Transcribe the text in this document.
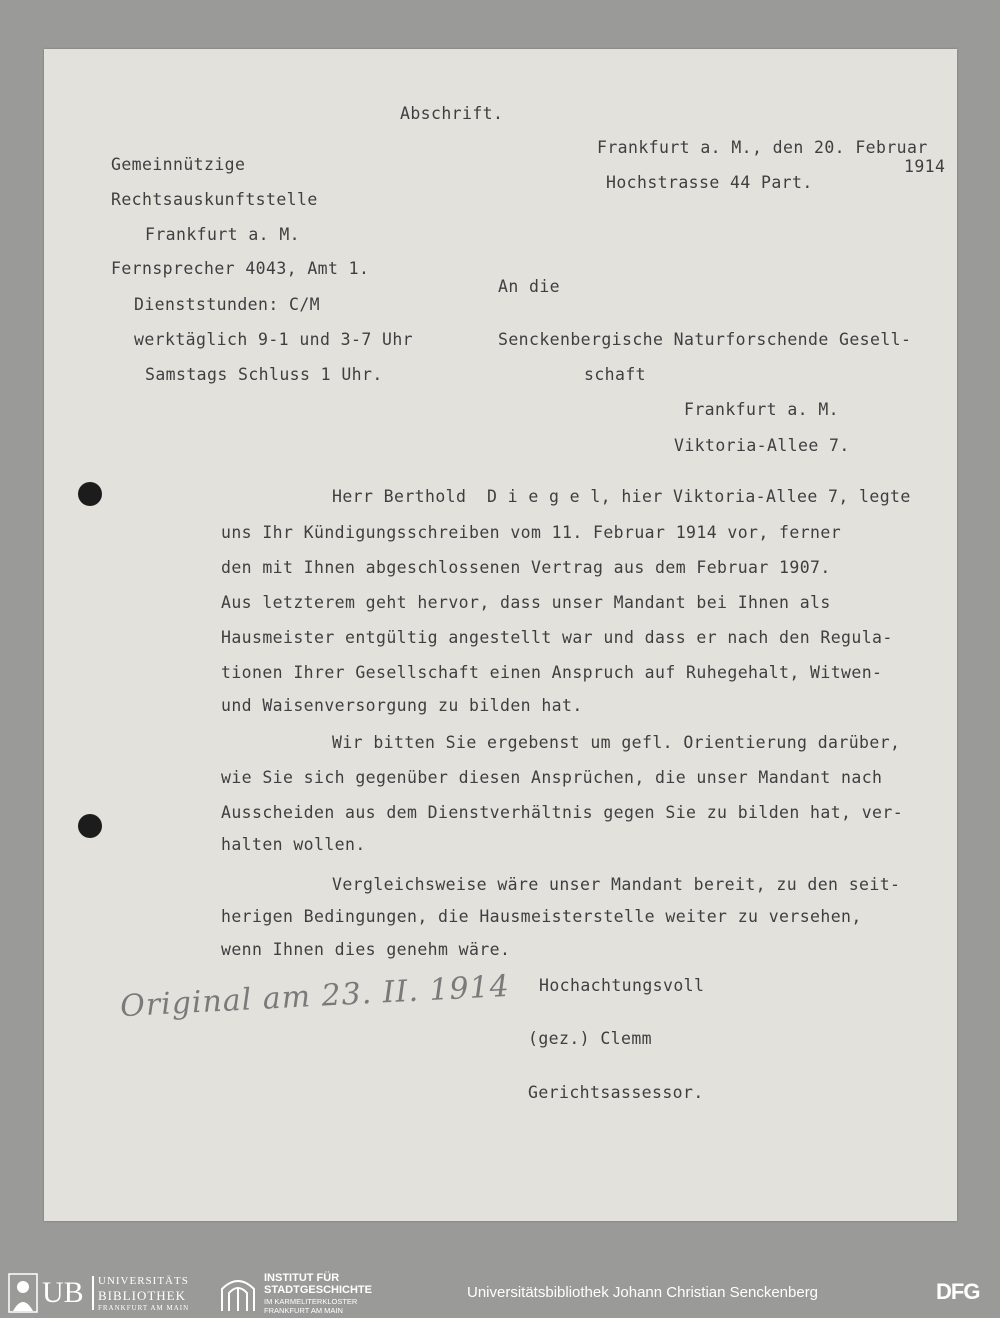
Abschrift.
Frankfurt a. M., den 20. Februar
1914
Hochstrasse 44 Part.
Gemeinnützige
Rechtsauskunftstelle
Frankfurt a. M.
Fernsprecher 4043, Amt 1.
Dienststunden: C/M
werktäglich 9-1 und 3-7 Uhr
Samstags Schluss 1 Uhr.
An die
Senckenbergische Naturforschende Gesell-
schaft
Frankfurt a. M.
Viktoria-Allee 7.
Herr Berthold  D i e g e l, hier Viktoria-Allee 7, legte
uns Ihr Kündigungsschreiben vom 11. Februar 1914 vor, ferner
den mit Ihnen abgeschlossenen Vertrag aus dem Februar 1907.
Aus letzterem geht hervor, dass unser Mandant bei Ihnen als
Hausmeister entgültig angestellt war und dass er nach den Regula-
tionen Ihrer Gesellschaft einen Anspruch auf Ruhegehalt, Witwen-
und Waisenversorgung zu bilden hat.
Wir bitten Sie ergebenst um gefl. Orientierung darüber,
wie Sie sich gegenüber diesen Ansprüchen, die unser Mandant nach
Ausscheiden aus dem Dienstverhältnis gegen Sie zu bilden hat, ver-
halten wollen.
Vergleichsweise wäre unser Mandant bereit, zu den seit-
herigen Bedingungen, die Hausmeisterstelle weiter zu versehen,
wenn Ihnen dies genehm wäre.
Original am 23. II. 1914 Hochachtungsvoll
(gez.) Clemm
Gerichtsassessor.
UB UNIVERSITÄTS
BIBLIOTHEK
FRANKFURT AM MAIN
INSTITUT FÜR
STADTGESCHICHTE
IM KARMELITERKLOSTER
FRANKFURT AM MAIN
Universitätsbibliothek Johann Christian Senckenberg	DFG
